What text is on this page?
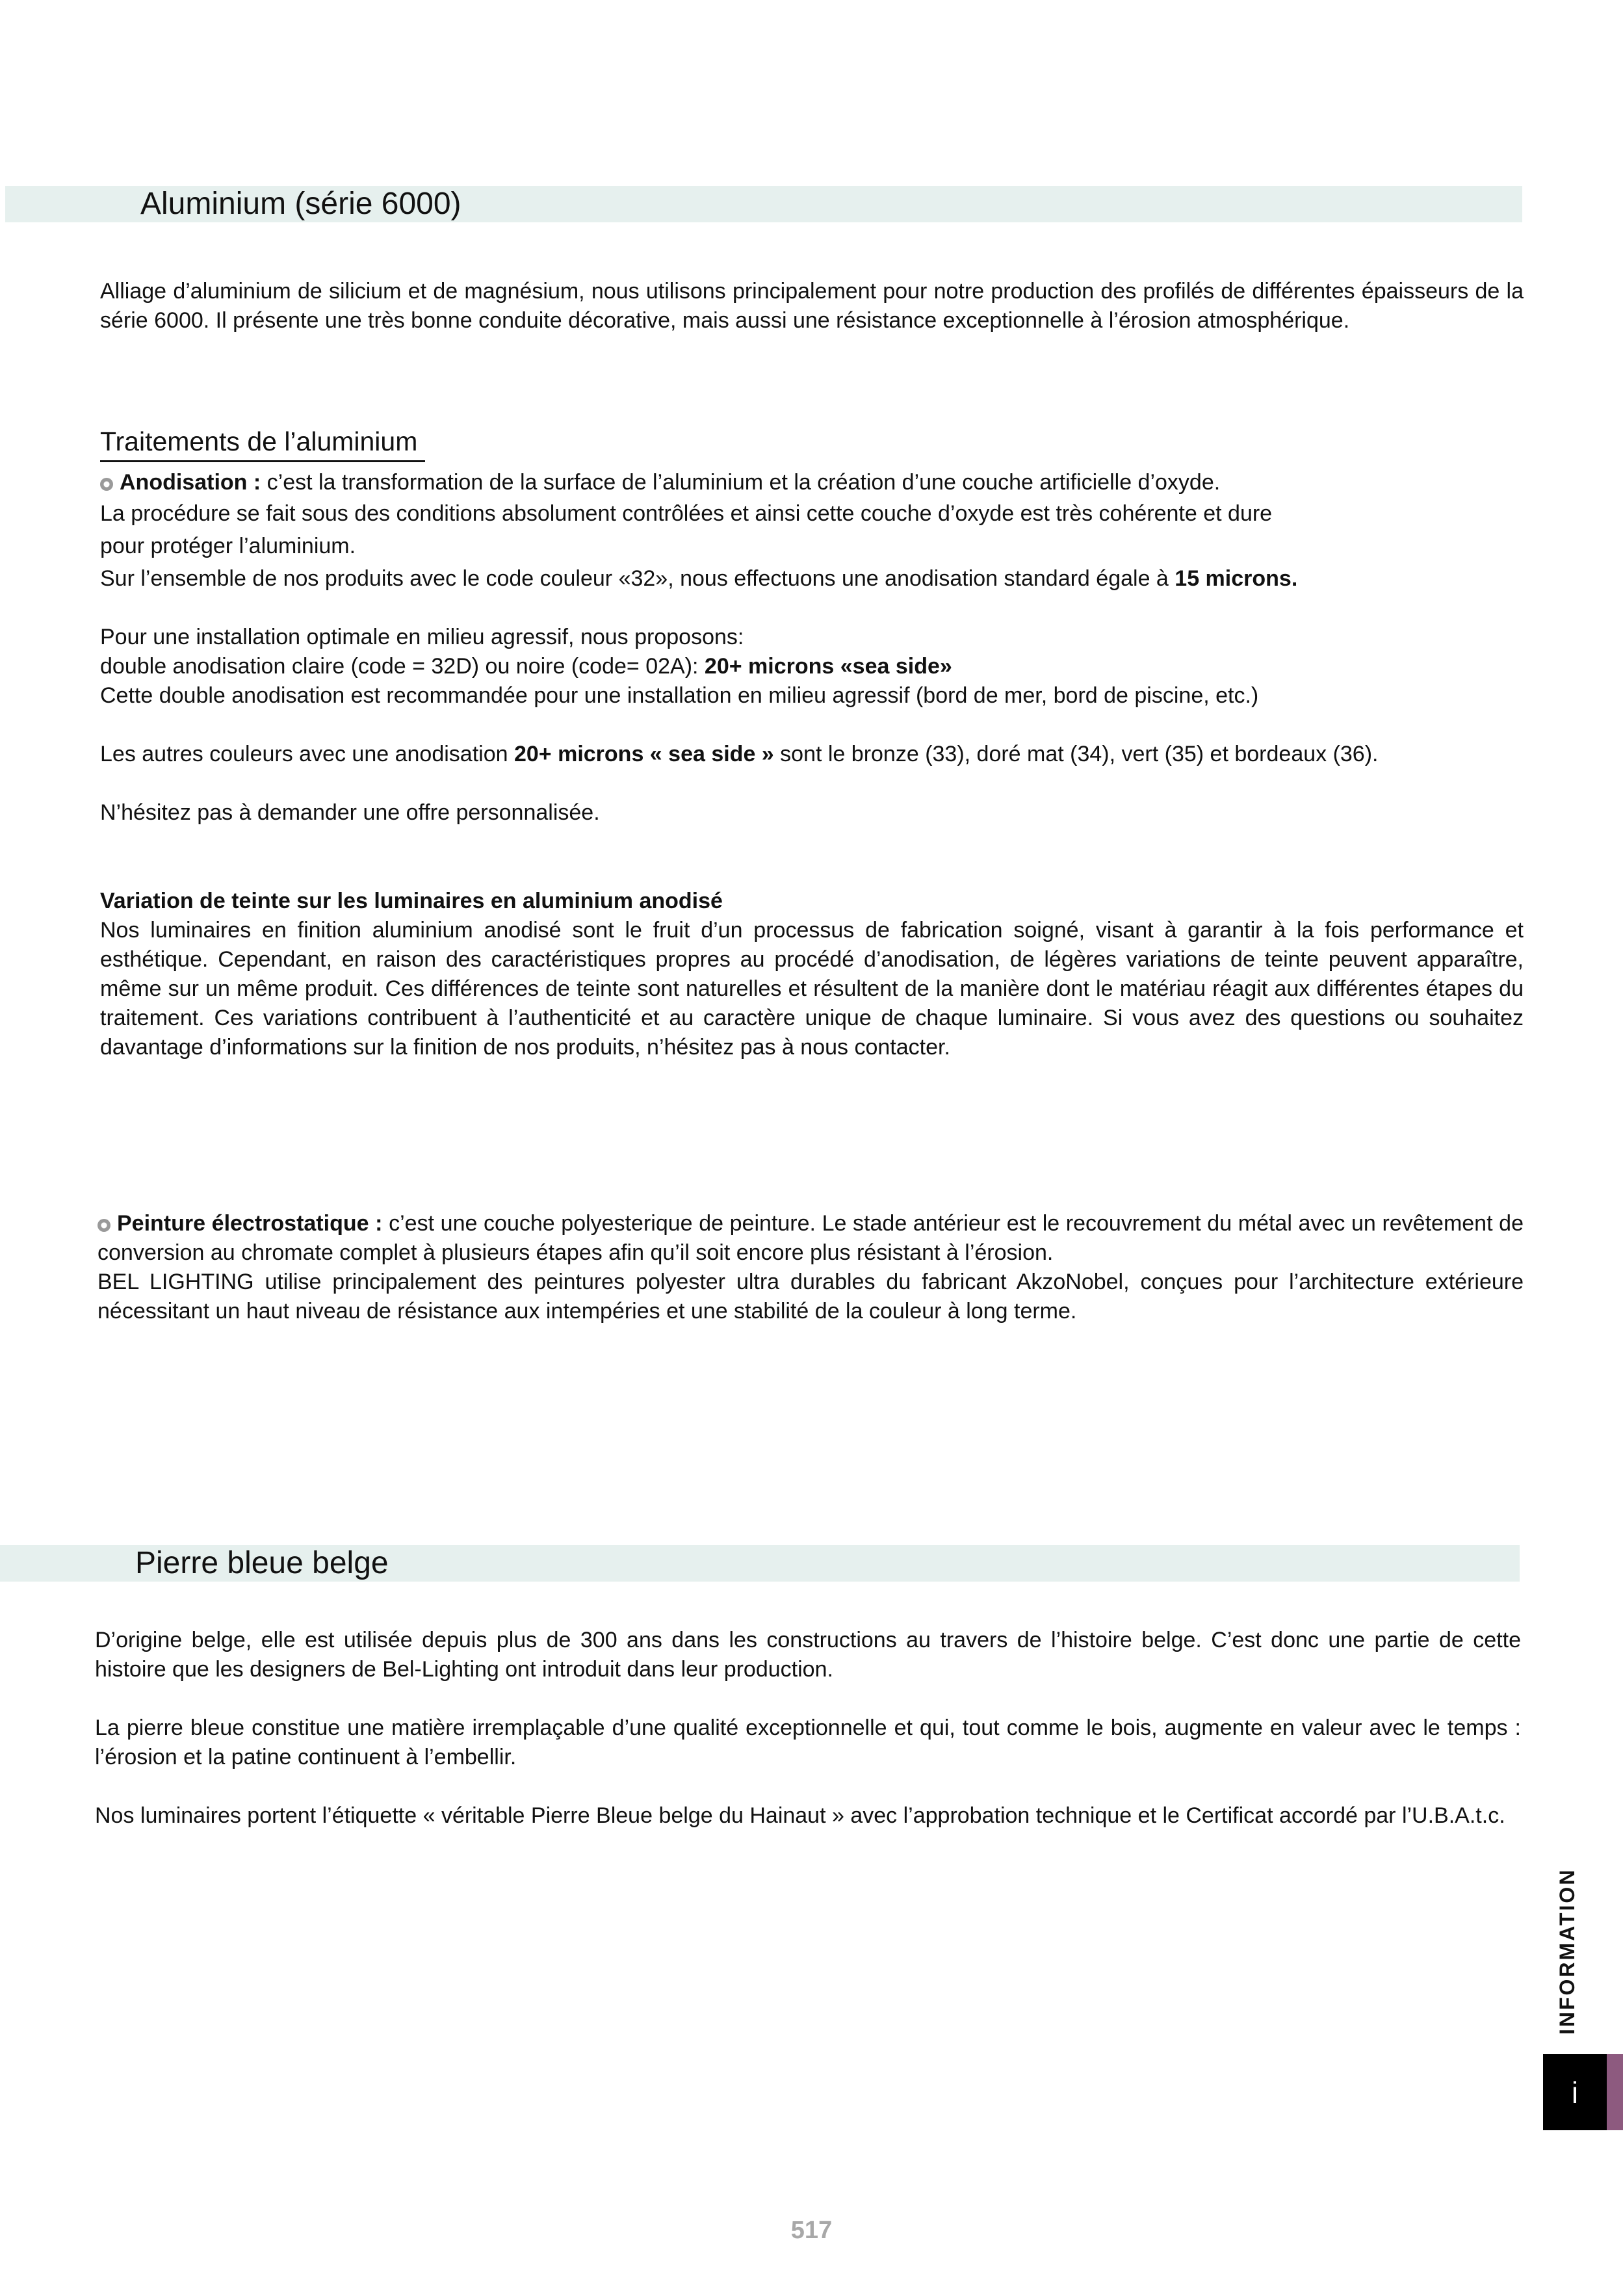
Aluminium (série 6000)

Alliage d’aluminium de silicium et de magnésium, nous utilisons principalement pour notre production des profilés de différentes épaisseurs de la série 6000. Il présente une très bonne conduite décorative, mais aussi une résistance exceptionnelle à l’érosion atmosphérique.

Traitements de l’aluminium
Anodisation : c’est la transformation de la surface de l’aluminium et la création d’une couche artificielle d’oxyde.
La procédure se fait sous des conditions absolument contrôlées et ainsi cette couche d’oxyde est très cohérente et dure
pour protéger l’aluminium.
Sur l’ensemble de nos produits avec le code couleur «32», nous effectuons une anodisation standard égale à 15 microns.
Pour une installation optimale en milieu agressif, nous proposons:
double anodisation claire (code = 32D) ou noire (code= 02A): 20+ microns «sea side»
Cette double anodisation est recommandée pour une installation en milieu agressif (bord de mer, bord de piscine, etc.)
Les autres couleurs avec une anodisation 20+ microns « sea side » sont le bronze (33), doré mat (34), vert (35) et bordeaux (36).
N’hésitez pas à demander une offre personnalisée.
Variation de teinte sur les luminaires en aluminium anodisé

Nos luminaires en finition aluminium anodisé sont le fruit d’un processus de fabrication soigné, visant à garantir à la fois performance et esthétique. Cependant, en raison des caractéristiques propres au procédé d’anodisation, de légères variations de teinte peuvent apparaître, même sur un même produit. Ces différences de teinte sont naturelles et résultent de la manière dont le matériau réagit aux différentes étapes du traitement. Ces variations contribuent à l’authenticité et au caractère unique de chaque luminaire. Si vous avez des questions ou souhaitez davantage d’informations sur la finition de nos produits, n’hésitez pas à nous contacter.

Peinture électrostatique : c’est une couche polyesterique de peinture. Le stade antérieur est le recouvrement du métal avec un revêtement de conversion au chromate complet à plusieurs étapes afin qu’il soit encore plus résistant à l’érosion.

BEL LIGHTING utilise principalement des peintures polyester ultra durables du fabricant AkzoNobel, conçues pour l’architecture extérieure nécessitant un haut niveau de résistance aux intempéries et une stabilité de la couleur à long terme.

Pierre bleue belge

D’origine belge, elle est utilisée depuis plus de 300 ans dans les constructions au travers de l’histoire belge. C’est donc une partie de cette histoire que les designers de Bel-Lighting ont introduit dans leur production.

La pierre bleue constitue une matière irremplaçable d’une qualité exceptionnelle et qui, tout comme le bois, augmente en valeur avec le temps : l’érosion et la patine continuent à l’embellir.

Nos luminaires portent l’étiquette « véritable Pierre Bleue belge du Hainaut » avec l’approbation technique et le Certificat accordé par l’U.B.A.t.c.

INFORMATION
i
517
